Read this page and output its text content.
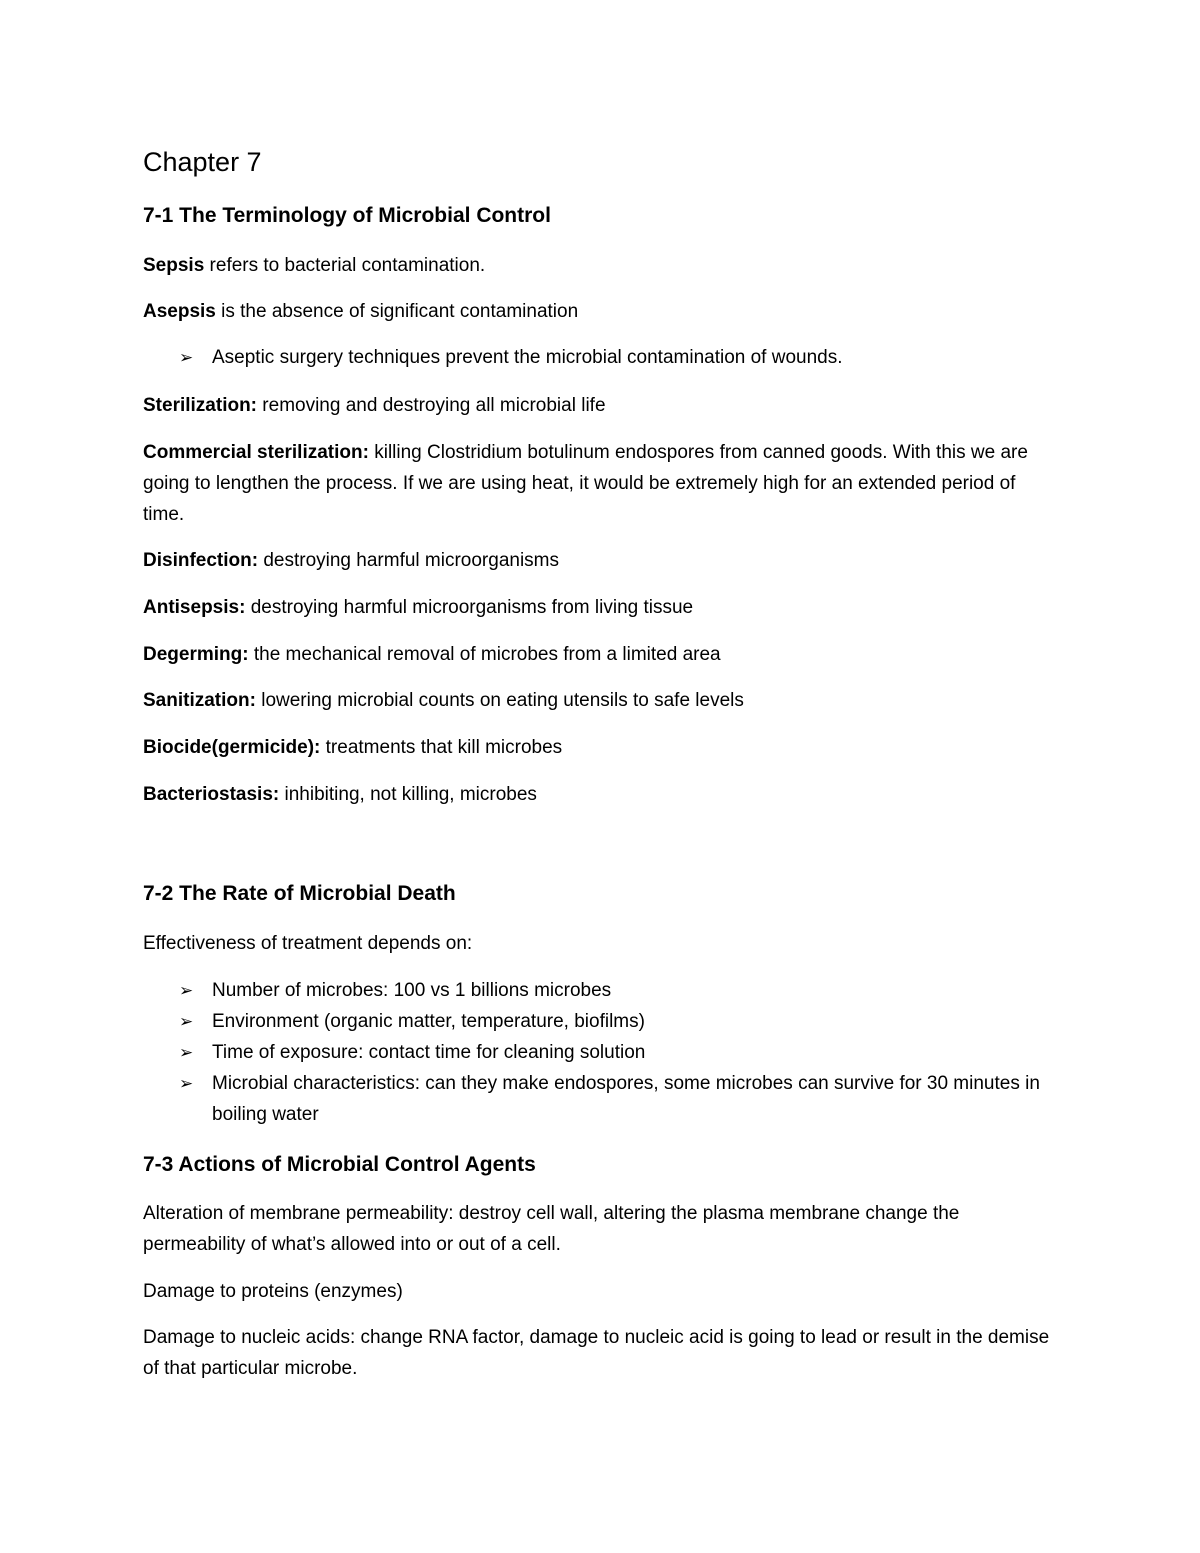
Chapter 7
7-1 The Terminology of Microbial Control

Sepsis refers to bacterial contamination.

Asepsis is the absence of significant contamination

➢ Aseptic surgery techniques prevent the microbial contamination of wounds.

Sterilization: removing and destroying all microbial life

Commercial sterilization: killing Clostridium botulinum endospores from canned goods. With this we are going to lengthen the process. If we are using heat, it would be extremely high for an extended period of time.

Disinfection: destroying harmful microorganisms

Antisepsis: destroying harmful microorganisms from living tissue

Degerming: the mechanical removal of microbes from a limited area

Sanitization: lowering microbial counts on eating utensils to safe levels

Biocide(germicide): treatments that kill microbes

Bacteriostasis: inhibiting, not killing, microbes

7-2 The Rate of Microbial Death

Effectiveness of treatment depends on:

➢ Number of microbes: 100 vs 1 billions microbes
➢ Environment (organic matter, temperature, biofilms)
➢ Time of exposure: contact time for cleaning solution
➢ Microbial characteristics: can they make endospores, some microbes can survive for 30 minutes in boiling water
7-3 Actions of Microbial Control Agents

Alteration of membrane permeability: destroy cell wall, altering the plasma membrane change the permeability of what’s allowed into or out of a cell.

Damage to proteins (enzymes)

Damage to nucleic acids: change RNA factor, damage to nucleic acid is going to lead or result in the demise of that particular microbe.
